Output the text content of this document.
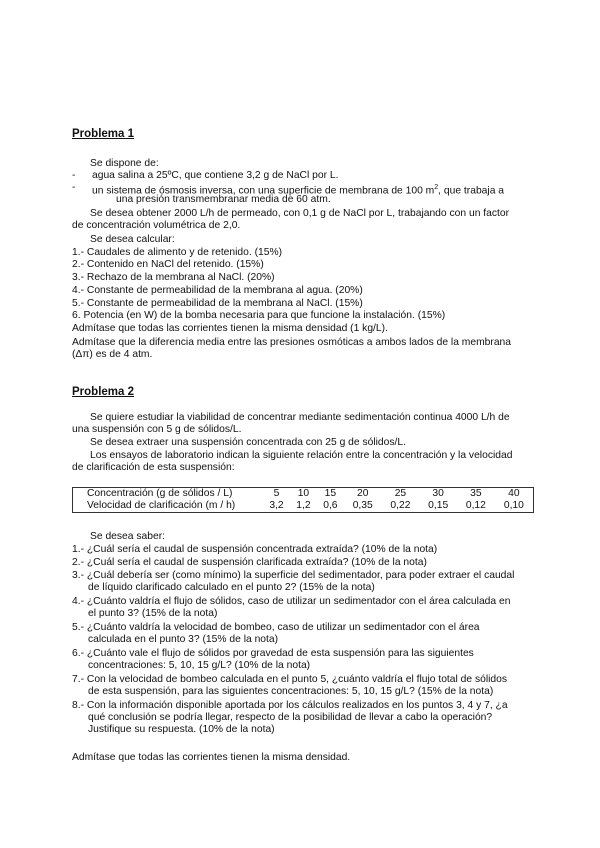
Problema 1
Se dispone de:
- agua salina a 25ºC, que contiene 3,2 g de NaCl por L.
- un sistema de ósmosis inversa, con una superficie de membrana de 100 $m^2$, que trabaja a
una presión transmembranar media de 60 atm.
Se desea obtener 2000 L/h de permeado, con 0,1 g de NaCl por L, trabajando con un factor
de concentración volumétrica de 2,0.
Se desea calcular:
1.- Caudales de alimento y de retenido. (15%)
2.- Contenido en NaCl del retenido. (15%)
3.- Rechazo de la membrana al NaCl. (20%)
4.- Constante de permeabilidad de la membrana al agua. (20%)
5.- Constante de permeabilidad de la membrana al NaCl. (15%)
6. Potencia (en W) de la bomba necesaria para que funcione la instalación. (15%)
Admítase que todas las corrientes tienen la misma densidad (1 kg/L).
Admítase que la diferencia media entre las presiones osmóticas a ambos lados de la membrana
(Δπ) es de 4 atm.
Problema 2
Se quiere estudiar la viabilidad de concentrar mediante sedimentación continua 4000 L/h de
una suspensión con 5 g de sólidos/L.
Se desea extraer una suspensión concentrada con 25 g de sólidos/L.
Los ensayos de laboratorio indican la siguiente relación entre la concentración y la velocidad
de clarificación de esta suspensión:
Concentración (g de sólidos / L)	5	10	15	20	25	30	35	40
Velocidad de clarificación (m / h)	3,2	1,2	0,6	0,35	0,22	0,15	0,12	0,10
Se desea saber:
1.- ¿Cuál sería el caudal de suspensión concentrada extraída? (10% de la nota)
2.- ¿Cuál sería el caudal de suspensión clarificada extraída? (10% de la nota)
3.- ¿Cuál debería ser (como mínimo) la superficie del sedimentador, para poder extraer el caudal
de líquido clarificado calculado en el punto 2? (15% de la nota)
4.- ¿Cuánto valdría el flujo de sólidos, caso de utilizar un sedimentador con el área calculada en
el punto 3? (15% de la nota)
5.- ¿Cuánto valdría la velocidad de bombeo, caso de utilizar un sedimentador con el área
calculada en el punto 3? (15% de la nota)
6.- ¿Cuánto vale el flujo de sólidos por gravedad de esta suspensión para las siguientes
concentraciones: 5, 10, 15 g/L? (10% de la nota)
7.- Con la velocidad de bombeo calculada en el punto 5, ¿cuánto valdría el flujo total de sólidos
de esta suspensión, para las siguientes concentraciones: 5, 10, 15 g/L? (15% de la nota)
8.- Con la información disponible aportada por los cálculos realizados en los puntos 3, 4 y 7, ¿a
qué conclusión se podría llegar, respecto de la posibilidad de llevar a cabo la operación?
Justifique su respuesta. (10% de la nota)
Admítase que todas las corrientes tienen la misma densidad.
